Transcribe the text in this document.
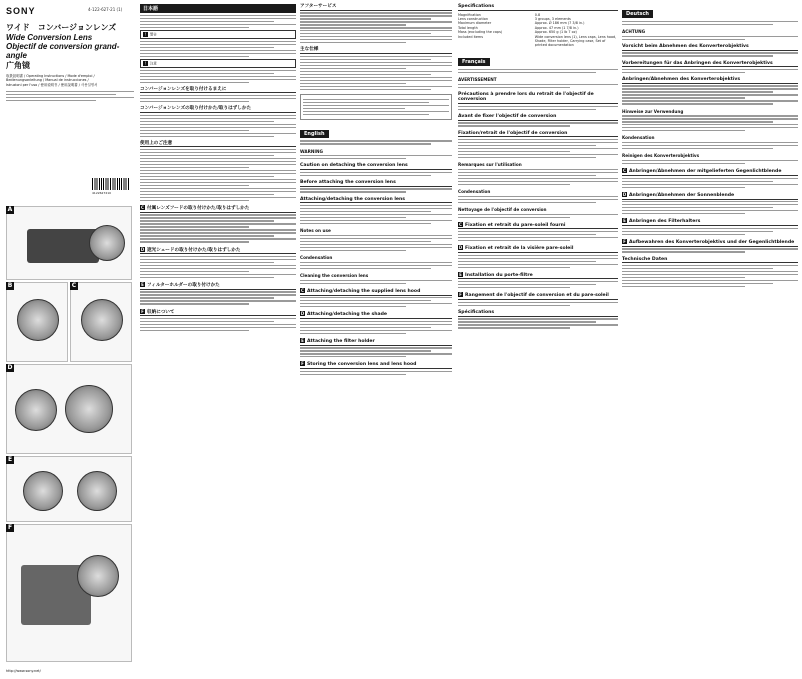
SONY	4-122-627-21 (1)
ワイド　コンバージョンレンズ
Wide Conversion Lens
Objectif de conversion grand-angle
广角镜
取扱説明書 / Operating Instructions / Mode d'emploi /
Bedienungsanleitung / Manual de instrucciones /
Istruzioni per l'uso / 使用说明书 / 使用說明書 / 사용설명서
4122627210
A
B	C
D
E
F
http://www.sony.net/
日本語
! 警告
! 注意
コンバージョンレンズを取り付けるまえに
コンバージョンレンズの取り付けかた/取りはずしかた
使用上のご注意
C 付属レンズフードの取り付けかた/取りはずしかた
D 遮光シェードの取り付けかた/取りはずしかた
E フィルターホルダーの取り付けかた
F 収納について
アフターサービス
主な仕様
English
WARNING
Caution on detaching the conversion lens
Before attaching the conversion lens
Attaching/detaching the conversion lens
Notes on use
Condensation
Cleaning the conversion lens
C Attaching/detaching the supplied lens hood
D Attaching/detaching the shade
E Attaching the filter holder
F Storing the conversion lens and lens hood
Specifications
Magnification	0.8
Lens construction	3 groups, 3 elements
Maximum diameter	Approx. Ø 186 mm (7 3/8 in.)
Total length	Approx. 47 mm (1 7/8 in.)
Mass (excluding the caps)	Approx. 650 g (1 lb 7 oz)
Included items	Wide conversion lens (1), Lens caps, Lens hood, Shade, Filter holder, Carrying case, Set of printed documentation
Français
AVERTISSEMENT
Précautions à prendre lors du retrait de l'objectif de conversion
Avant de fixer l'objectif de conversion
Fixation/retrait de l'objectif de conversion
Remarques sur l'utilisation
Condensation
Nettoyage de l'objectif de conversion
C Fixation et retrait du pare-soleil fourni
D Fixation et retrait de la visière pare-soleil
E Installation du porte-filtre
F Rangement de l'objectif de conversion et du pare-soleil
Spécifications
Deutsch
ACHTUNG
Vorsicht beim Abnehmen des Konverterobjektivs
Vorbereitungen für das Anbringen des Konverterobjektivs
Anbringen/Abnehmen des Konverterobjektivs
Hinweise zur Verwendung
Kondensation
Reinigen des Konverterobjektivs
C Anbringen/Abnehmen der mitgelieferten Gegenlichtblende
D Anbringen/Abnehmen der Sonnenblende
E Anbringen des Filterhalters
F Aufbewahren des Konverterobjektivs und der Gegenlichtblende
Technische Daten
